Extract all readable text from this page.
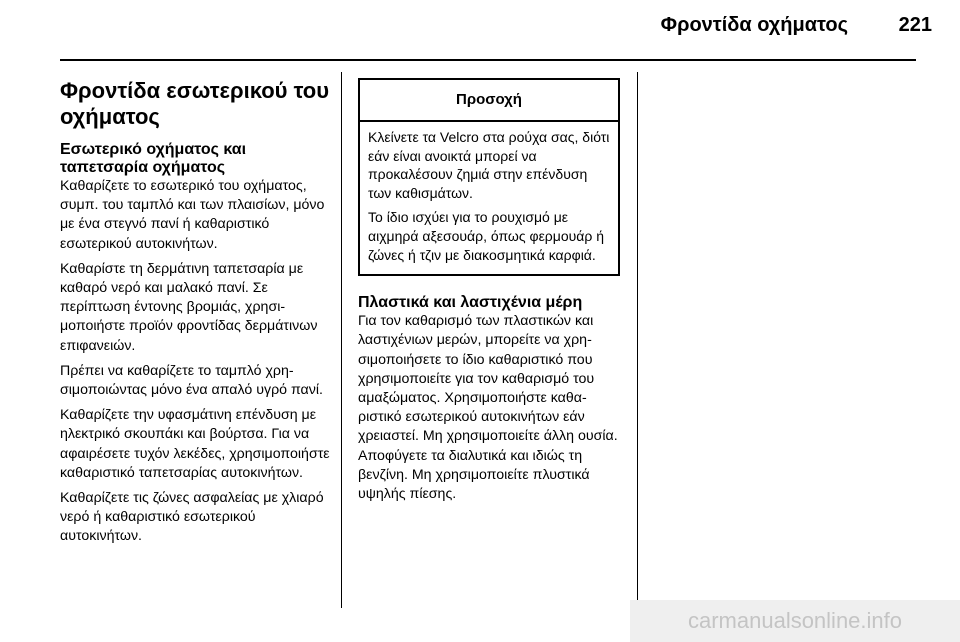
Φροντίδα οχήματος	221
Φροντίδα εσωτερικού του οχήματος
Εσωτερικό οχήματος και ταπετσαρία οχήματος

Καθαρίζετε το εσωτερικό του οχήματος, συμπ. του ταμπλό και των πλαισίων, μόνο με ένα στεγνό πανί ή καθαριστικό εσωτερικού αυτοκινήτων.

Καθαρίστε τη δερμάτινη ταπετσαρία με καθαρό νερό και μαλακό πανί. Σε περίπτωση έντονης βρομιάς, χρησιμοποιήστε προϊόν φροντίδας δερμάτινων επιφανειών.

Πρέπει να καθαρίζετε το ταμπλό χρησιμοποιώντας μόνο ένα απαλό υγρό πανί.

Καθαρίζετε την υφασμάτινη επένδυση με ηλεκτρικό σκουπάκι και βούρτσα. Για να αφαιρέσετε τυχόν λεκέδες, χρησιμοποιήστε καθαριστικό ταπετσαρίας αυτοκινήτων.

Καθαρίζετε τις ζώνες ασφαλείας με χλιαρό νερό ή καθαριστικό εσωτερικού αυτοκινήτων.

Προσοχή

Κλείνετε τα Velcro στα ρούχα σας, διότι εάν είναι ανοικτά μπορεί να προκαλέσουν ζημιά στην επένδυση των καθισμάτων.

Το ίδιο ισχύει για το ρουχισμό με αιχμηρά αξεσουάρ, όπως φερμουάρ ή ζώνες ή τζιν με διακοσμητικά καρφιά.

Πλαστικά και λαστιχένια μέρη

Για τον καθαρισμό των πλαστικών και λαστιχένιων μερών, μπορείτε να χρησιμοποιήσετε το ίδιο καθαριστικό που χρησιμοποιείτε για τον καθαρισμό του αμαξώματος. Χρησιμοποιήστε καθαριστικό εσωτερικού αυτοκινήτων εάν χρειαστεί. Μη χρησιμοποιείτε άλλη ουσία. Αποφύγετε τα διαλυτικά και ιδιώς τη βενζίνη. Μη χρησιμοποιείτε πλυστικά υψηλής πίεσης.

carmanualsonline.info
